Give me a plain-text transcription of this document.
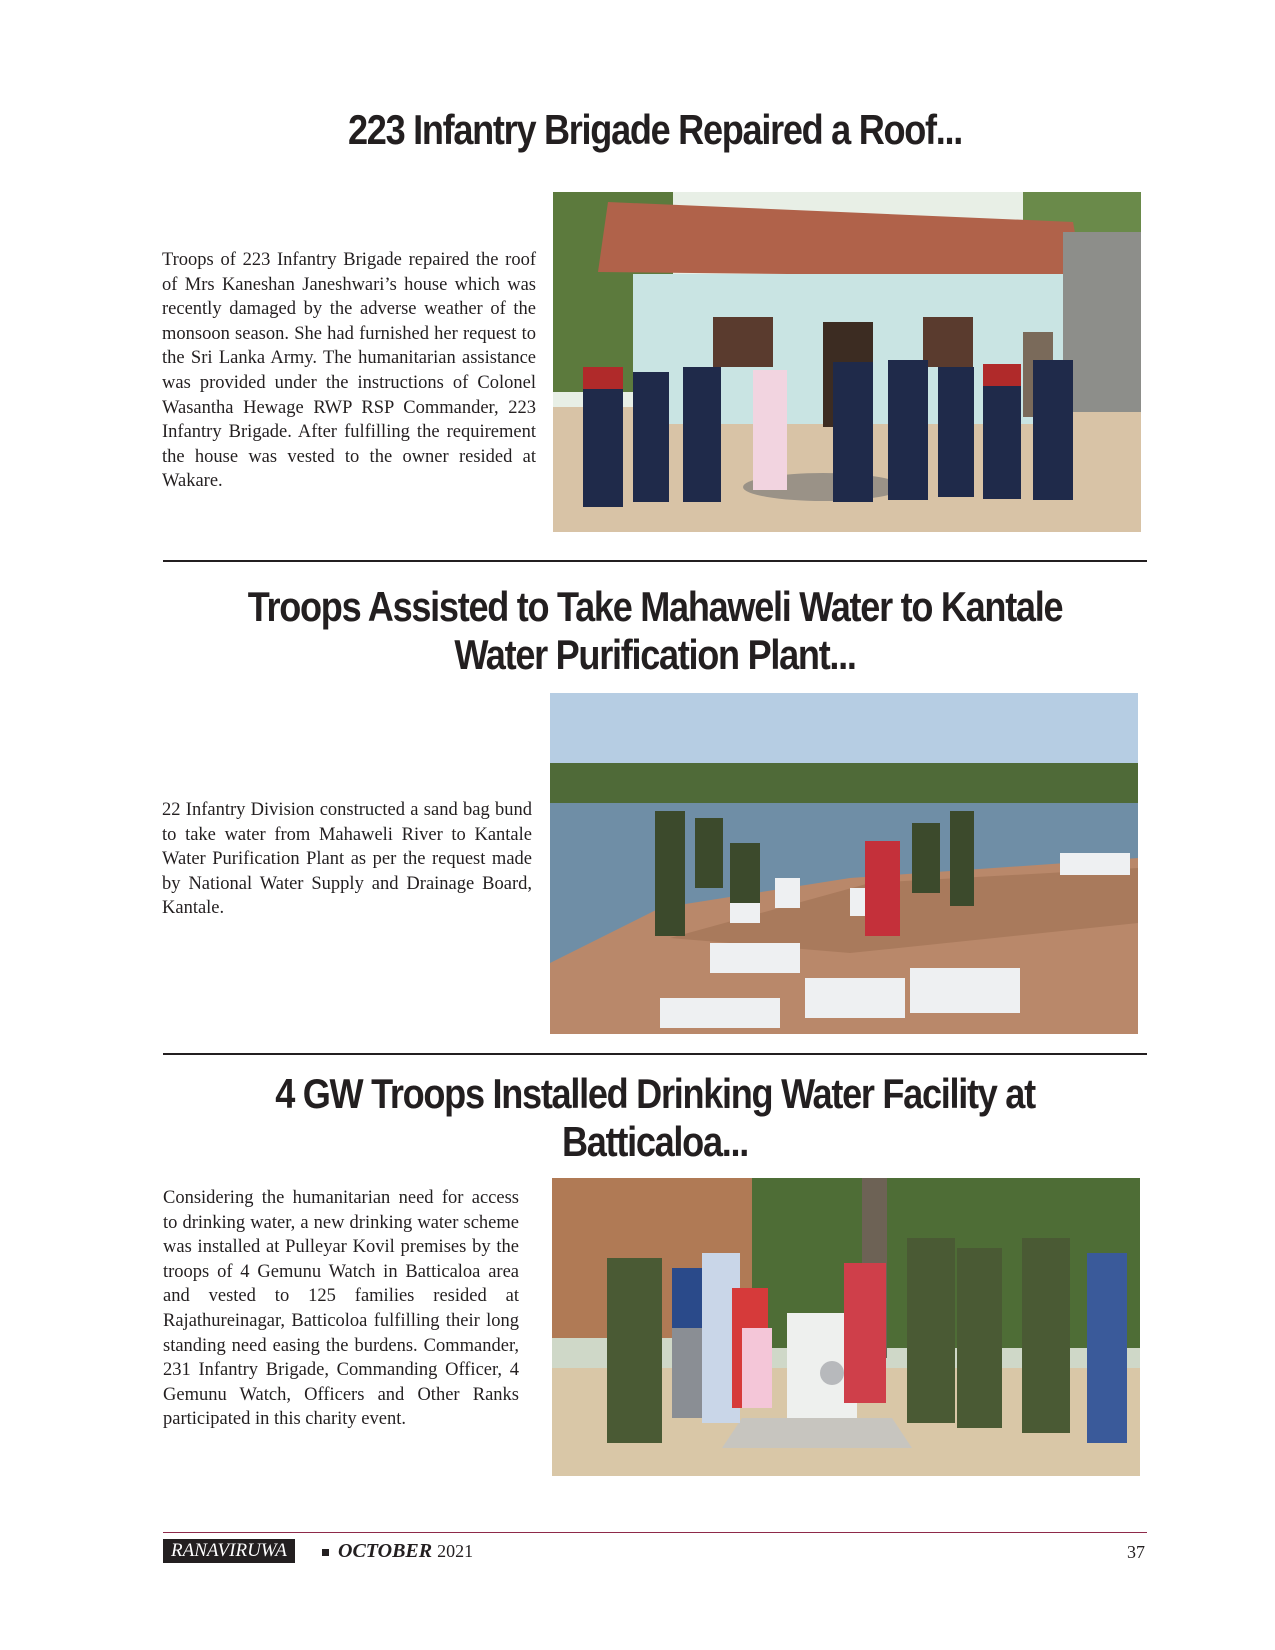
223 Infantry Brigade Repaired a Roof...

Troops of 223 Infantry Brigade repaired the roof of Mrs Kaneshan Janeshwari’s house which was recently damaged by the adverse weather of the monsoon season. She had furnished her request to the Sri Lanka Army. The humanitarian assistance was provided under the instructions of Colonel Wasantha Hewage RWP RSP Commander, 223 Infantry Brigade. After fulfilling the requirement the house was vested to the owner resided at Wakare.

Troops Assisted to Take Mahaweli Water to Kantale
Water Purification Plant...

22 Infantry Division constructed a sand bag bund to take water from Mahaweli River to Kantale Water Purification Plant as per the request made by National Water Supply and Drainage Board, Kantale.

4 GW Troops Installed Drinking Water Facility at
Batticaloa...

Considering the humanitarian need for access to drinking water, a new drinking water scheme was installed at Pulleyar Kovil premises by the troops of 4 Gemunu Watch in Batticaloa area and vested to 125 families resided at Rajathureinagar, Batticoloa fulfilling their long standing need easing the burdens. Commander, 231 Infantry Brigade, Commanding Officer, 4 Gemunu Watch, Officers and Other Ranks participated in this charity event.

RANAVIRUWA	OCTOBER 2021	37
